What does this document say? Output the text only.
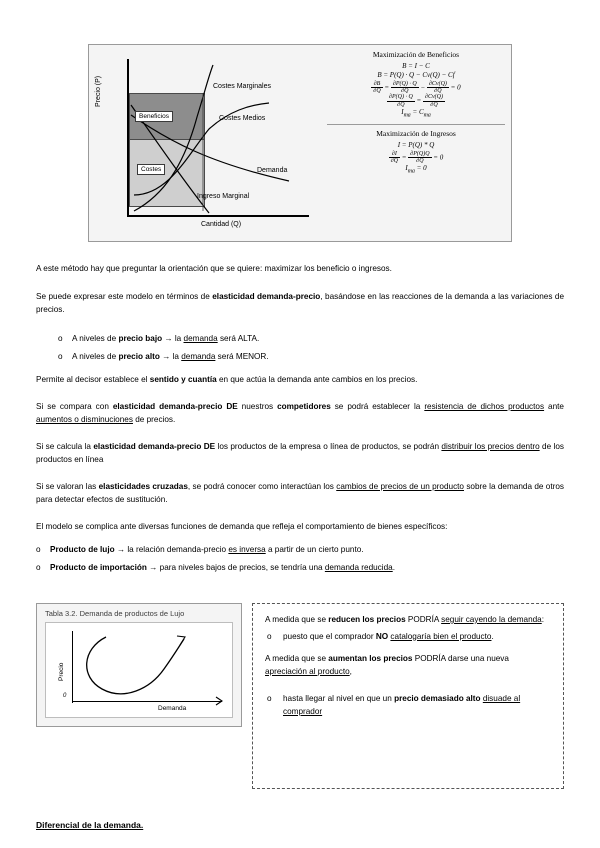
Precio (P)
Cantidad (Q)
Beneficios
Costes
Costes Marginales
Costes Medios
Demanda
Ingreso Marginal
Maximización de Beneficios
B = I − C
B = P(Q) · Q − Cv(Q) − Cf
$\frac{\partial B}{\partial Q} = \frac{\partial P(Q) \cdot Q}{\partial Q} - \frac{\partial Cv(Q)}{\partial Q} = 0$
$\frac{\partial P(Q) \cdot Q}{\partial Q} = \frac{\partial Cv(Q)}{\partial Q}$
$I_{ma} = C_{ma}$
Maximización de Ingresos
I = P(Q) * Q
$\frac{\partial I}{\partial Q} = \frac{\partial P(Q)Q}{\partial Q} = 0$
$I_{ma} = 0$
A este método hay que preguntar la orientación que se quiere: maximizar los beneficio o ingresos.
Se puede expresar este modelo en términos de elasticidad demanda-precio, basándose en las reacciones de la demanda a las variaciones de precios.
o A niveles de precio bajo → la demanda será ALTA.
o A niveles de precio alto → la demanda será MENOR.
Permite al decisor establece el sentido y cuantía en que actúa la demanda ante cambios en los precios.
Si se compara con elasticidad demanda-precio DE nuestros competidores se podrá establecer la resistencia de dichos productos ante aumentos o disminuciones de precios.
Si se calcula la elasticidad demanda-precio DE los productos de la empresa o línea de productos, se podrán distribuir los precios dentro de los productos en línea
Si se valoran las elasticidades cruzadas, se podrá conocer como interactúan los cambios de precios de un producto sobre la demanda de otros para detectar efectos de sustitución.
El modelo se complica ante diversas funciones de demanda que refleja el comportamiento de bienes específicos:
o Producto de lujo → la relación demanda-precio es inversa a partir de un cierto punto.
o Producto de importación → para niveles bajos de precios, se tendría una demanda reducida.
Tabla 3.2. Demanda de productos de Lujo
Precio
Demanda
0

A medida que se reducen los precios PODRÍA seguir cayendo la demanda:

o puesto que el comprador NO catalogaría bien el producto.

A medida que se aumentan los precios PODRÍA darse una nueva apreciación al producto,

o hasta llegar al nivel en que un precio demasiado alto disuade al comprador
Diferencial de la demanda.
